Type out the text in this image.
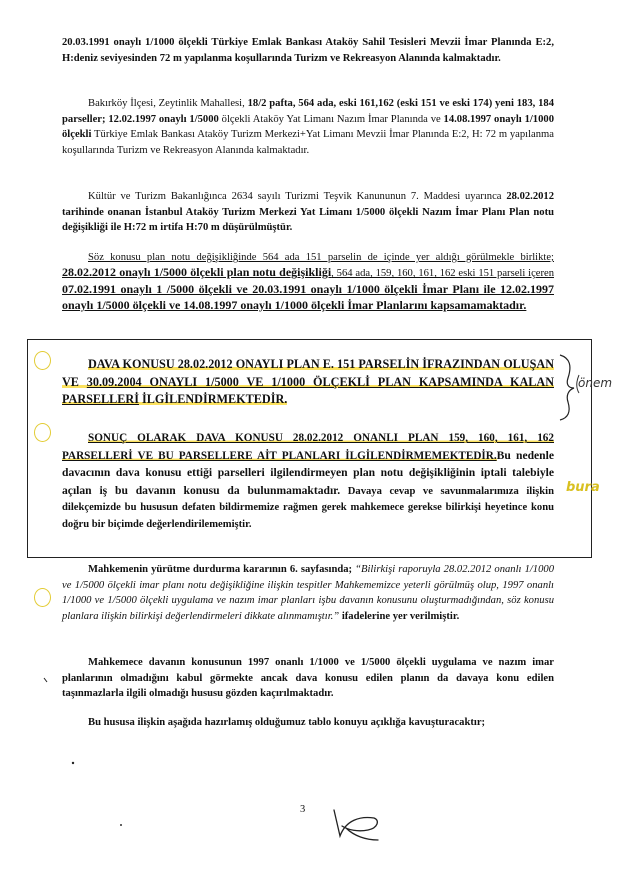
20.03.1991 onaylı 1/1000 ölçekli Türkiye Emlak Bankası Ataköy Sahil Tesisleri Mevzii İmar Planında E:2, H:deniz seviyesinden 72 m yapılanma koşullarında Turizm ve Rekreasyon Alanında kalmaktadır.

Bakırköy İlçesi, Zeytinlik Mahallesi, 18/2 pafta, 564 ada, eski 161,162 (eski 151 ve eski 174) yeni 183, 184 parseller; 12.02.1997 onaylı 1/5000 ölçekli Ataköy Yat Limanı Nazım İmar Planında ve 14.08.1997 onaylı 1/1000 ölçekli Türkiye Emlak Bankası Ataköy Turizm Merkezi+Yat Limanı Mevzii İmar Planında E:2, H: 72 m yapılanma koşullarında Turizm ve Rekreasyon Alanında kalmaktadır.

Kültür ve Turizm Bakanlığınca 2634 sayılı Turizmi Teşvik Kanununun 7. Maddesi uyarınca 28.02.2012 tarihinde onanan İstanbul Ataköy Turizm Merkezi Yat Limanı 1/5000 ölçekli Nazım İmar Planı Plan notu değişikliği ile H:72 m irtifa H:70 m düşürülmüştür.

Söz konusu plan notu değişikliğinde 564 ada 151 parselin de içinde yer aldığı görülmekle birlikte; 28.02.2012 onaylı 1/5000 ölçekli plan notu değişikliği, 564 ada, 159, 160, 161, 162 eski 151 parseli içeren 07.02.1991 onaylı 1 /5000 ölçekli ve 20.03.1991 onaylı 1/1000 ölçekli İmar Planı ile 12.02.1997 onaylı 1/5000 ölçekli ve 14.08.1997 onaylı 1/1000 ölçekli İmar Planlarını kapsamamaktadır.

DAVA KONUSU 28.02.2012 ONAYLI PLAN E. 151 PARSELİN İFRAZINDAN OLUŞAN VE 30.09.2004 ONAYLI 1/5000 VE 1/1000 ÖLÇEKLİ PLAN KAPSAMINDA KALAN PARSELLERİ İLGİLENDİRMEKTEDİR.

SONUÇ OLARAK DAVA KONUSU 28.02.2012 ONANLI PLAN 159, 160, 161, 162 PARSELLERİ VE BU PARSELLERE AİT PLANLARI İLGİLENDİRMEMEKTEDİR.Bu nedenle davacının dava konusu ettiği parselleri ilgilendirmeyen plan notu değişikliğinin iptali talebiyle açılan iş bu davanın konusu da bulunmamaktadır. Davaya cevap ve savunmalarımıza ilişkin dilekçemizde bu hususun defaten bildirmemize rağmen gerek mahkemece gerekse bilirkişi heyetince konu doğru bir biçimde değerlendirilememiştir.

Mahkemenin yürütme durdurma kararının 6. sayfasında; “Bilirkişi raporuyla 28.02.2012 onanlı 1/1000 ve 1/5000 ölçekli imar planı notu değişikliğine ilişkin tespitler Mahkememizce yeterli görülmüş olup, 1997 onanlı 1/1000 ve 1/5000 ölçekli uygulama ve nazım imar planları işbu davanın konusunu oluşturmadığından, söz konusu planlara ilişkin bilirkişi değerlendirmeleri dikkate alınmamıştır.” ifadelerine yer verilmiştir.

Mahkemece davanın konusunun 1997 onanlı 1/1000 ve 1/5000 ölçekli uygulama ve nazım imar planlarının olmadığını kabul görmekte ancak dava konusu edilen planın da davaya konu edilen taşınmazlarla ilgili olmadığı hususu gözden kaçırılmaktadır.

Bu hususa ilişkin aşağıda hazırlamış olduğumuz tablo konuyu açıklığa kavuşturacaktır;

önem
bura
3
